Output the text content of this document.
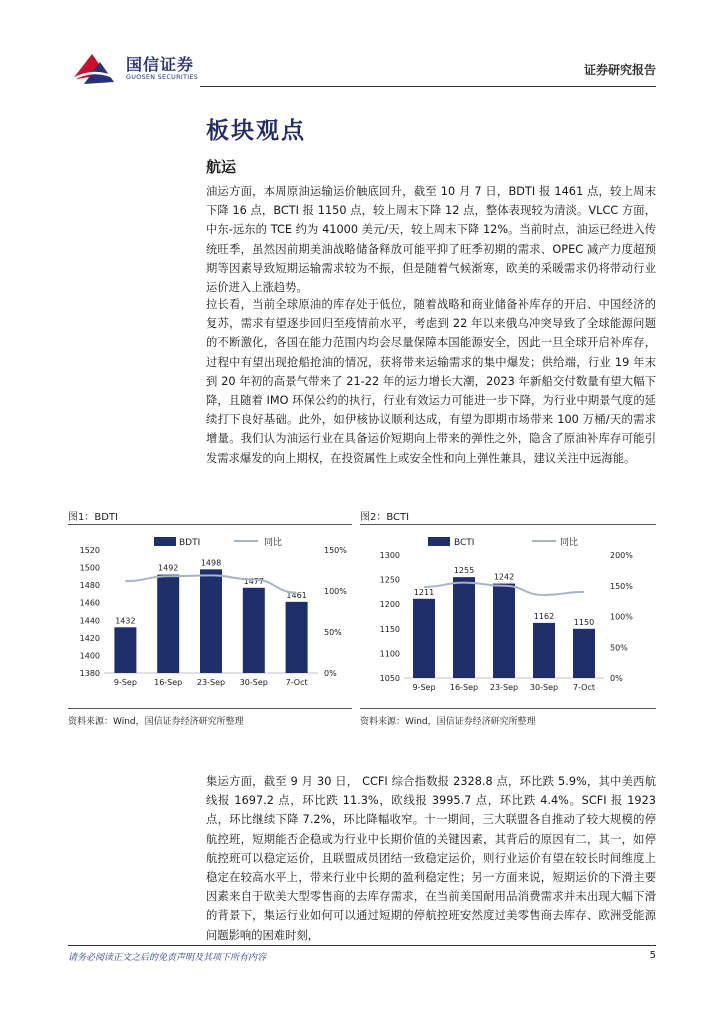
国信证券
GUOSEN SECURITIES	证券研究报告
板块观点
航运
油运方面，本周原油运输运价触底回升，截至 10 月 7 日，BDTI 报 1461 点，较上周末下降 16 点，BCTI 报 1150 点，较上周末下降 12 点，整体表现较为清淡。VLCC 方面，中东-远东的 TCE 约为 41000 美元/天，较上周末下降 12%。当前时点，油运已经进入传统旺季，虽然因前期美油战略储备释放可能平抑了旺季初期的需求、OPEC 减产力度超预期等因素导致短期运输需求较为不振，但是随着气候渐寒，欧美的采暖需求仍将带动行业运价进入上涨趋势。
拉长看，当前全球原油的库存处于低位，随着战略和商业储备补库存的开启、中国经济的复苏，需求有望逐步回归至疫情前水平，考虑到 22 年以来俄乌冲突导致了全球能源问题的不断激化，各国在能力范围内均会尽量保障本国能源安全，因此一旦全球开启补库存，过程中有望出现抢船抢油的情况，获将带来运输需求的集中爆发；供给端，行业 19 年末到 20 年初的高景气带来了 21-22 年的运力增长大潮，2023 年新船交付数量有望大幅下降，且随着 IMO 环保公约的执行，行业有效运力可能进一步下降，为行业中期景气度的延续打下良好基础。此外，如伊核协议顺利达成，有望为即期市场带来 100 万桶/天的需求增量。我们认为油运行业在具备运价短期向上带来的弹性之外，隐含了原油补库存可能引发需求爆发的向上期权，在投资属性上或安全性和向上弹性兼具，建议关注中远海能。
图1：BDTI
BDTI	同比
1520
1500
1480
1460
1440
1420
1400
1380
150%
100%
50%
0%
1432
1492
1498
1477
1461
9-Sep 16-Sep 23-Sep 30-Sep 7-Oct
资料来源：Wind，国信证券经济研究所整理
图2：BCTI
BCTI	同比
1300
1250
1200
1150
1100
1050
200%
150%
100%
50%
0%
1211
1255
1242
1162
1150
9-Sep 16-Sep 23-Sep 30-Sep 7-Oct
资料来源：Wind，国信证券经济研究所整理
集运方面，截至 9 月 30 日， CCFI 综合指数报 2328.8 点，环比跌 5.9%，其中美西航线报 1697.2 点，环比跌 11.3%，欧线报 3995.7 点，环比跌 4.4%。SCFI 报 1923 点，环比继续下降 7.2%，环比降幅收窄。十一期间，三大联盟各自推动了较大规模的停航控班，短期能否企稳或为行业中长期价值的关键因素，其背后的原因有二，其一，如停航控班可以稳定运价，且联盟成员团结一致稳定运价，则行业运价有望在较长时间维度上稳定在较高水平上，带来行业中长期的盈利稳定性；另一方面来说，短期运价的下滑主要因素来自于欧美大型零售商的去库存需求，在当前美国耐用品消费需求并未出现大幅下滑的背景下，集运行业如何可以通过短期的停航控班安然度过美零售商去库存、欧洲受能源问题影响的困难时刻，
请务必阅读正文之后的免责声明及其项下所有内容	5
